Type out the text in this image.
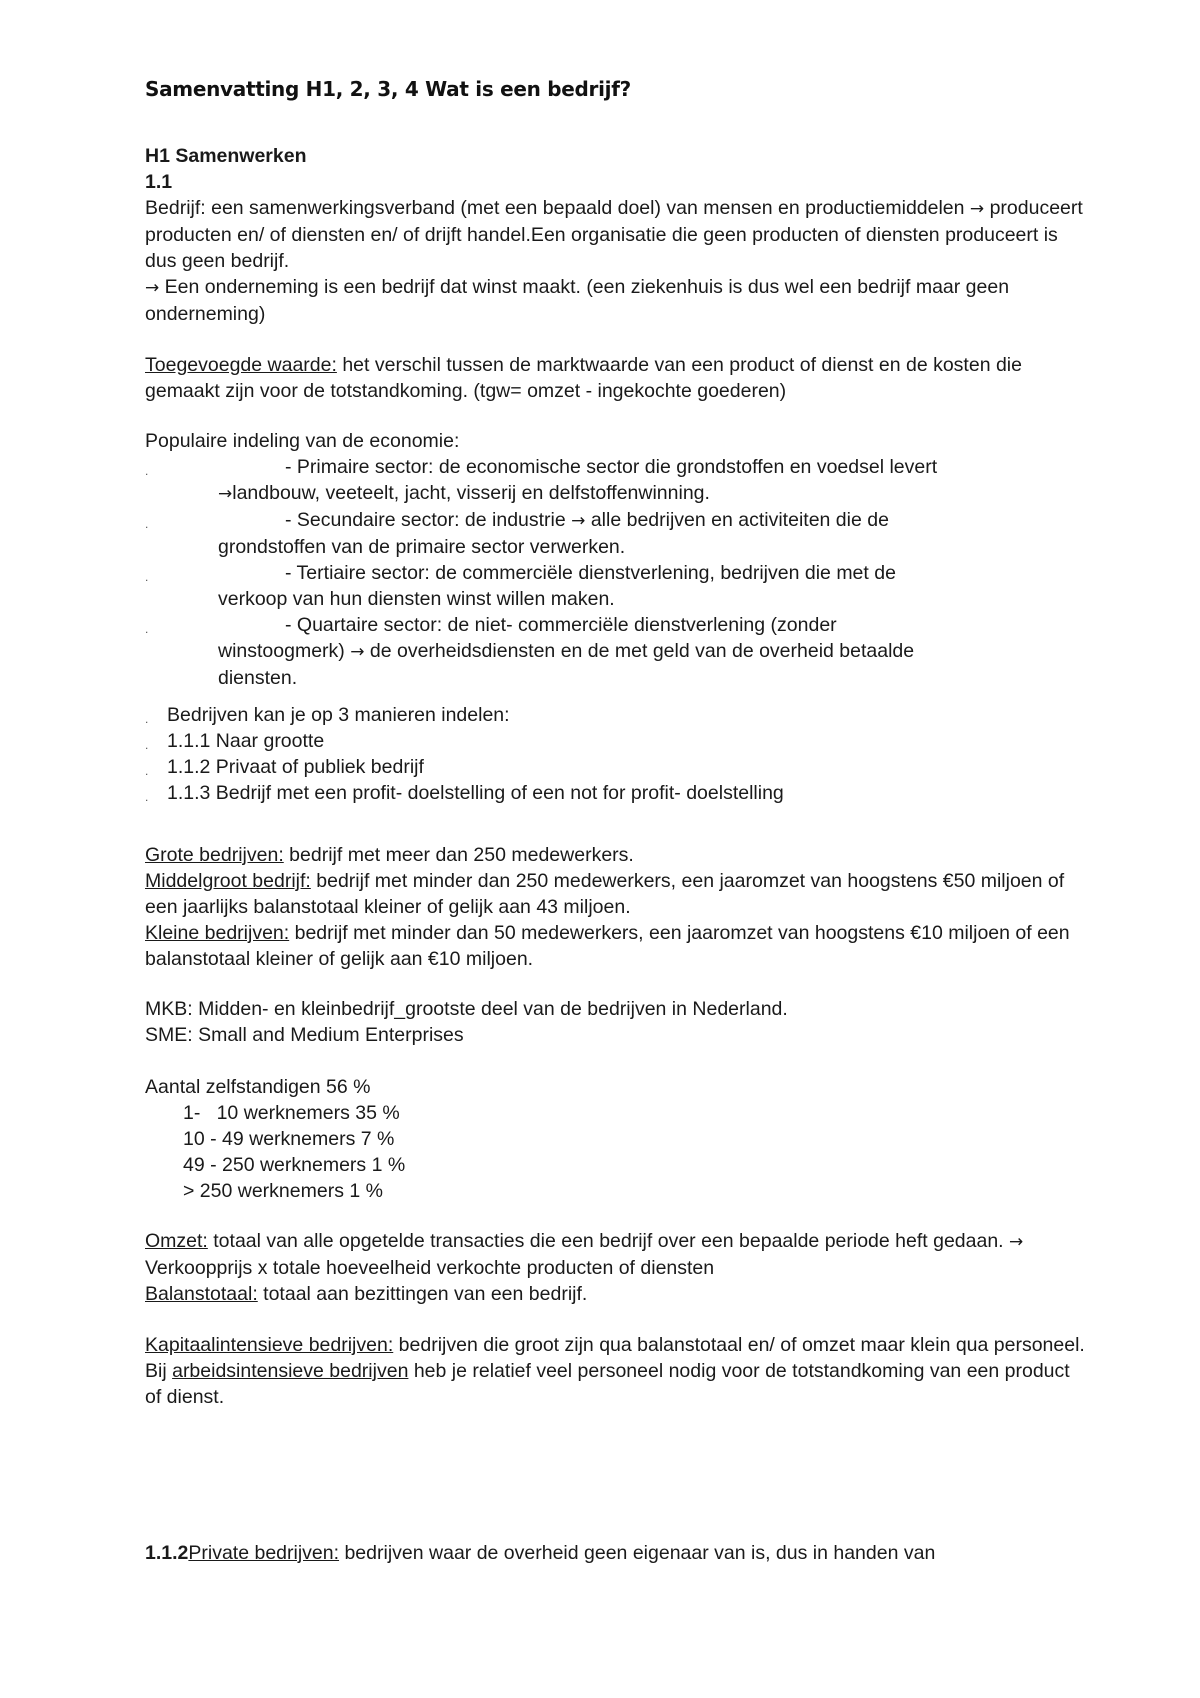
Samenvatting H1, 2, 3, 4 Wat is een bedrijf?

H1 Samenwerken

1.1

Bedrijf: een samenwerkingsverband (met een bepaald doel) van mensen en productiemiddelen → produceert producten en/ of diensten en/ of drijft handel.Een organisatie die geen producten of diensten produceert is dus geen bedrijf.

→ Een onderneming is een bedrijf dat winst maakt. (een ziekenhuis is dus wel een bedrijf maar geen onderneming)

Toegevoegde waarde: het verschil tussen de marktwaarde van een product of dienst en de kosten die gemaakt zijn voor de totstandkoming. (tgw= omzet - ingekochte goederen)

Populaire indeling van de economie:

.	- Primaire sector: de economische sector die grondstoffen en voedsel levert
→landbouw, veeteelt, jacht, visserij en delfstoffenwinning.
.	- Secundaire sector: de industrie → alle bedrijven en activiteiten die de
grondstoffen van de primaire sector verwerken.
.	- Tertiaire sector: de commerciële dienstverlening, bedrijven die met de
verkoop van hun diensten winst willen maken.
.	- Quartaire sector: de niet- commerciële dienstverlening (zonder
winstoogmerk) → de overheidsdiensten en de met geld van de overheid betaalde
diensten.
. Bedrijven kan je op 3 manieren indelen:
. 1.1.1 Naar grootte
. 1.1.2 Privaat of publiek bedrijf
. 1.1.3 Bedrijf met een profit- doelstelling of een not for profit- doelstelling

Grote bedrijven: bedrijf met meer dan 250 medewerkers.

Middelgroot bedrijf: bedrijf met minder dan 250 medewerkers, een jaaromzet van hoogstens €50 miljoen of een jaarlijks balanstotaal kleiner of gelijk aan 43 miljoen.

Kleine bedrijven: bedrijf met minder dan 50 medewerkers, een jaaromzet van hoogstens €10 miljoen of een balanstotaal kleiner of gelijk aan €10 miljoen.

MKB: Midden- en kleinbedrijf_grootste deel van de bedrijven in Nederland.

SME: Small and Medium Enterprises

Aantal zelfstandigen 56 %

1-   10 werknemers 35 %
10 - 49 werknemers 7 %
49 - 250 werknemers 1 %
> 250 werknemers 1 %

Omzet: totaal van alle opgetelde transacties die een bedrijf over een bepaalde periode heft gedaan. → Verkoopprijs x totale hoeveelheid verkochte producten of diensten

Balanstotaal: totaal aan bezittingen van een bedrijf.

Kapitaalintensieve bedrijven: bedrijven die groot zijn qua balanstotaal en/ of omzet maar klein qua personeel. Bij arbeidsintensieve bedrijven heb je relatief veel personeel nodig voor de totstandkoming van een product of dienst.

1.1.2Private bedrijven: bedrijven waar de overheid geen eigenaar van is, dus in handen van
